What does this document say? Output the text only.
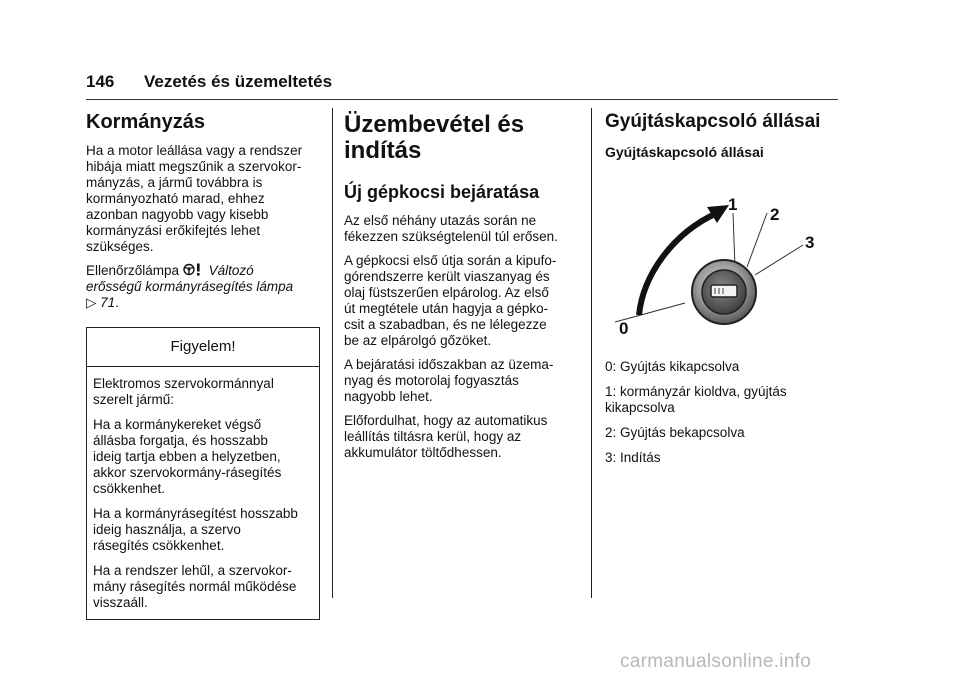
146 Vezetés és üzemeltetés
Kormányzás

Ha a motor leállása vagy a rendszer
hibája miatt megszűnik a szervokor-
mányzás, a jármű továbbra is
kormányozható marad, ehhez
azonban nagyobb vagy kisebb
kormányzási erőkifejtés lehet
szükséges.

Ellenőrzőlámpa Változó
erősségű kormányrásegítés lámpa
▷ 71.

Figyelem!

Elektromos szervokormánnyal
szerelt jármű:

Ha a kormánykereket végső
állásba forgatja, és hosszabb
ideig tartja ebben a helyzetben,
akkor szervokormány-rásegítés
csökkenhet.

Ha a kormányrásegítést hosszabb
ideig használja, a szervo
rásegítés csökkenhet.

Ha a rendszer lehűl, a szervokor-
mány rásegítés normál működése
visszaáll.

Üzembevétel és
indítás
Új gépkocsi bejáratása

Az első néhány utazás során ne
fékezzen szükségtelenül túl erősen.

A gépkocsi első útja során a kipufo-
górendszerre került viaszanyag és
olaj füstszerűen elpárolog. Az első
út megtétele után hagyja a gépko-
csit a szabadban, és ne lélegezze
be az elpárolgó gőzöket.

A bejáratási időszakban az üzema-
nyag és motorolaj fogyasztás
nagyobb lehet.

Előfordulhat, hogy az automatikus
leállítás tiltásra kerül, hogy az
akkumulátor töltődhessen.

Gyújtáskapcsoló állásai
Gyújtáskapcsoló állásai
0
1
2
3

0: Gyújtás kikapcsolva

1: kormányzár kioldva, gyújtás
kikapcsolva

2: Gyújtás bekapcsolva

3: Indítás

carmanualsonline.info
